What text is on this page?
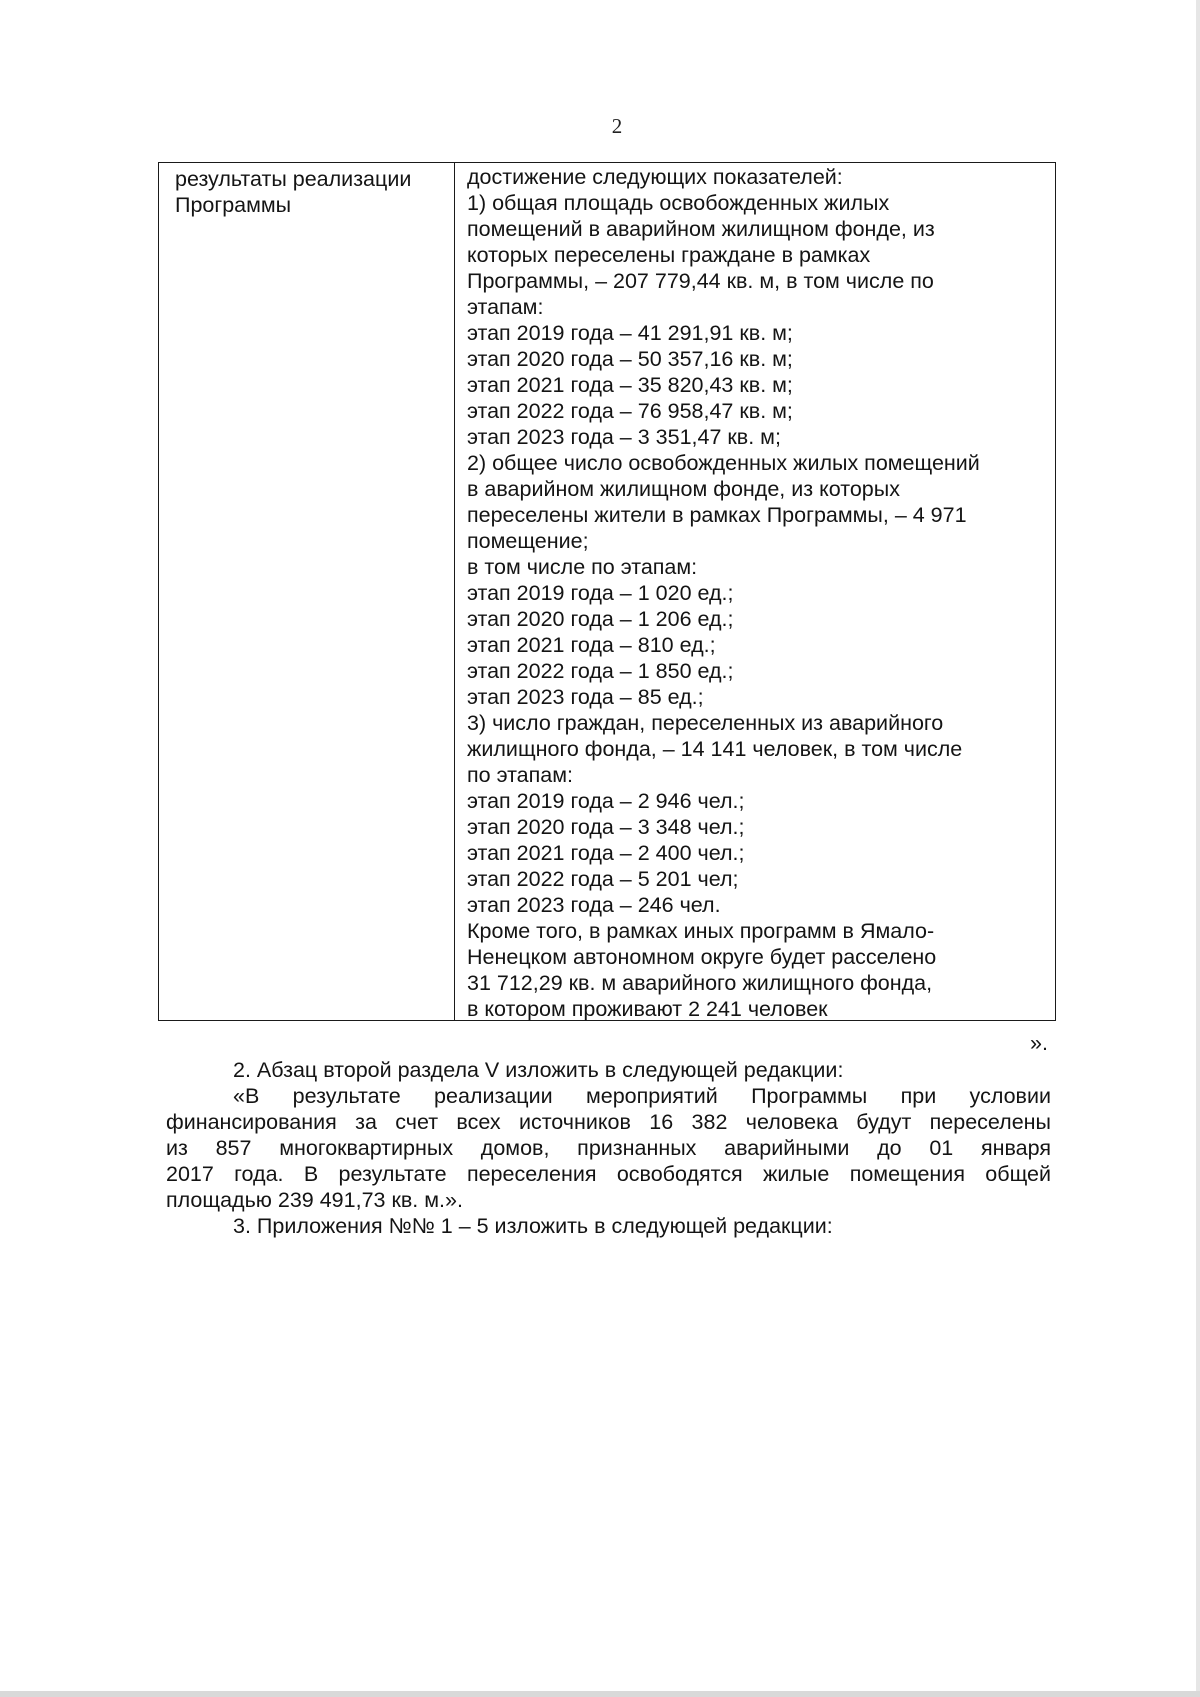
2
результаты реализации
Программы
достижение следующих показателей:
1) общая площадь освобожденных жилых
помещений в аварийном жилищном фонде, из
которых переселены граждане в рамках
Программы, – 207 779,44 кв. м, в том числе по
этапам:
этап 2019 года – 41 291,91 кв. м;
этап 2020 года – 50 357,16 кв. м;
этап 2021 года – 35 820,43 кв. м;
этап 2022 года – 76 958,47 кв. м;
этап 2023 года – 3 351,47 кв. м;
2) общее число освобожденных жилых помещений
в аварийном жилищном фонде, из которых
переселены жители в рамках Программы, – 4 971
помещение;
в том числе по этапам:
этап 2019 года – 1 020 ед.;
этап 2020 года – 1 206 ед.;
этап 2021 года – 810 ед.;
этап 2022 года – 1 850 ед.;
этап 2023 года – 85 ед.;
3) число граждан, переселенных из аварийного
жилищного фонда, – 14 141 человек, в том числе
по этапам:
этап 2019 года – 2 946 чел.;
этап 2020 года – 3 348 чел.;
этап 2021 года – 2 400 чел.;
этап 2022 года – 5 201 чел;
этап 2023 года – 246 чел.
Кроме того, в рамках иных программ в Ямало-
Ненецком автономном округе будет расселено
31 712,29 кв. м аварийного жилищного фонда,
в котором проживают 2 241 человек
».
2. Абзац второй раздела V изложить в следующей редакции:
«В результате реализации мероприятий Программы при условии
финансирования за счет всех источников 16 382 человека будут переселены
из 857 многоквартирных домов, признанных аварийными до 01 января
2017 года. В результате переселения освободятся жилые помещения общей
площадью 239 491,73 кв. м.».
3. Приложения №№ 1 – 5 изложить в следующей редакции:
